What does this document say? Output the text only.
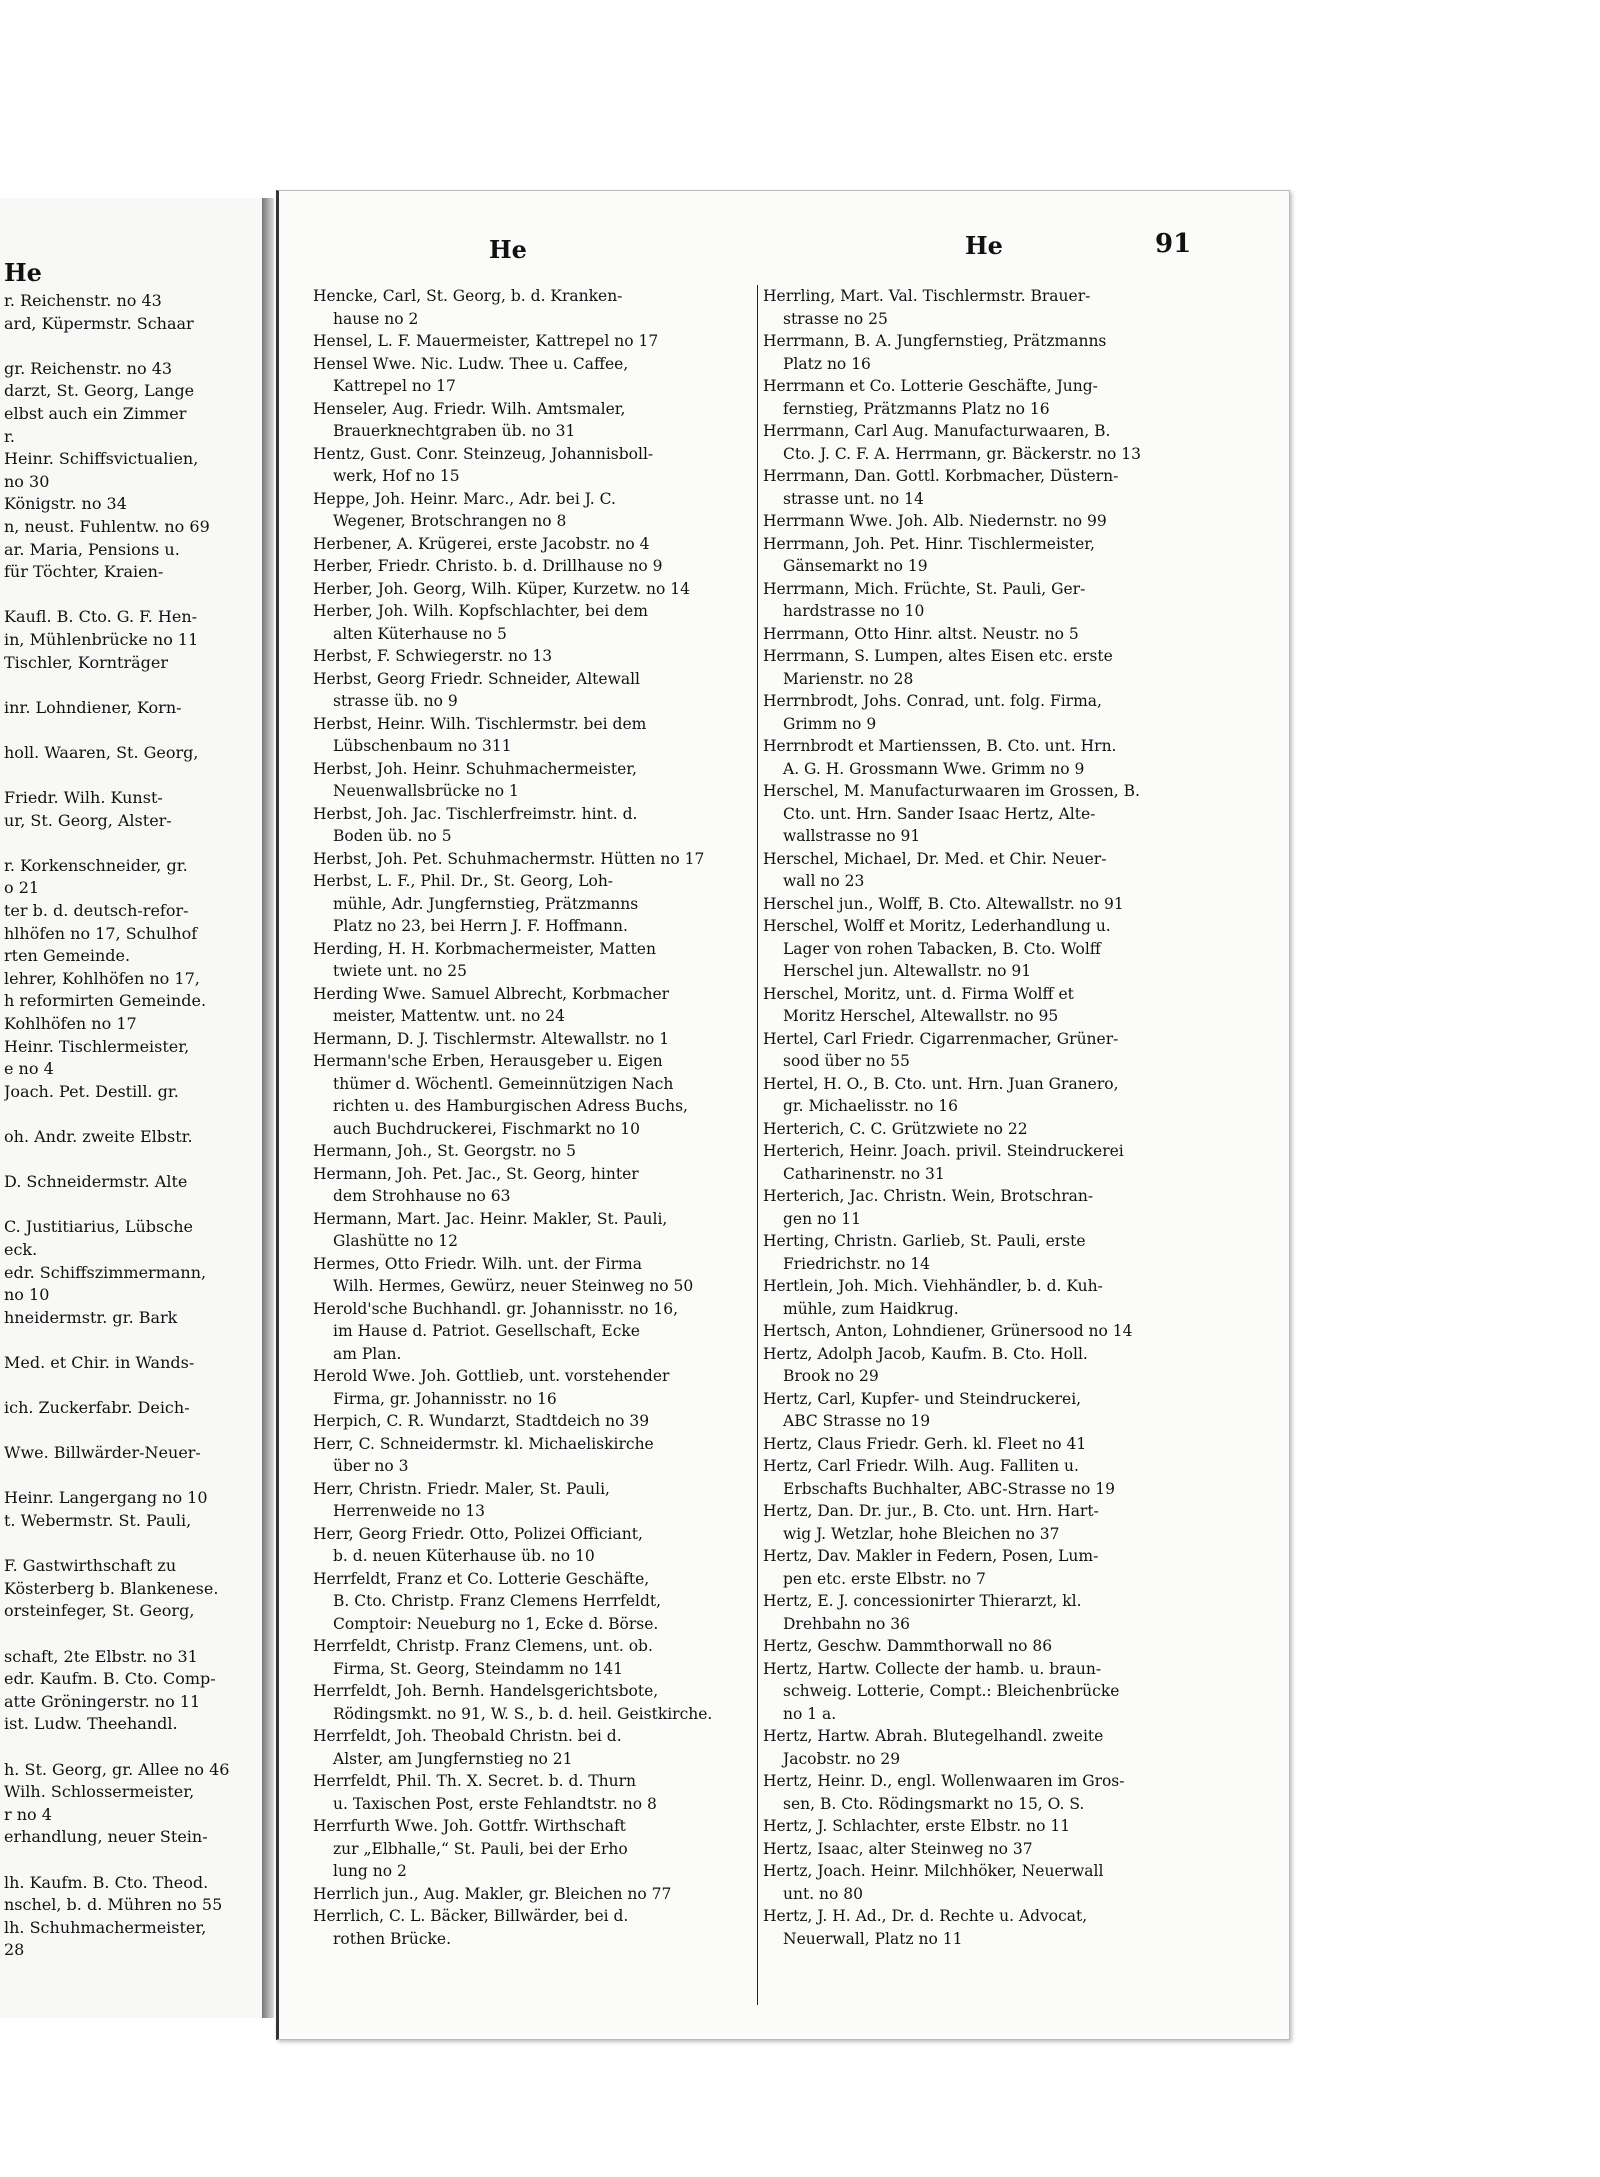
He
r. Reichenstr. no 43
ard, Küpermstr. Schaar

gr. Reichenstr. no 43
darzt, St. Georg, Lange
elbst auch ein Zimmer
r.
Heinr. Schiffsvictualien,
no 30
Königstr. no 34
n, neust. Fuhlentw. no 69
ar. Maria, Pensions u.
für Töchter, Kraien-

Kaufl. B. Cto. G. F. Hen-
in, Mühlenbrücke no 11
Tischler, Kornträger

inr. Lohndiener, Korn-

holl. Waaren, St. Georg,

Friedr. Wilh. Kunst-
ur, St. Georg, Alster-

r. Korkenschneider, gr.
o 21
ter b. d. deutsch-refor-
hlhöfen no 17, Schulhof
rten Gemeinde.
lehrer, Kohlhöfen no 17,
h reformirten Gemeinde.
Kohlhöfen no 17
Heinr. Tischlermeister,
e no 4
Joach. Pet. Destill. gr.

oh. Andr. zweite Elbstr.

D. Schneidermstr. Alte

C. Justitiarius, Lübsche
eck.
edr. Schiffszimmermann,
no 10
hneidermstr. gr. Bark

Med. et Chir. in Wands-

ich. Zuckerfabr. Deich-

Wwe. Billwärder-Neuer-

Heinr. Langergang no 10
t. Webermstr. St. Pauli,

F. Gastwirthschaft zu
Kösterberg b. Blankenese.
orsteinfeger, St. Georg,

schaft, 2te Elbstr. no 31
edr. Kaufm. B. Cto. Comp-
atte Gröningerstr. no 11
ist. Ludw. Theehandl.

h. St. Georg, gr. Allee no 46
Wilh. Schlossermeister,
r no 4
erhandlung, neuer Stein-

lh. Kaufm. B. Cto. Theod.
nschel, b. d. Mühren no 55
lh. Schuhmachermeister,
28
He	He	91
Hencke, Carl, St. Georg, b. d. Kranken-

hause no 2
Hensel, L. F. Mauermeister, Kattrepel no 17
Hensel Wwe. Nic. Ludw. Thee u. Caffee,

Kattrepel no 17
Henseler, Aug. Friedr. Wilh. Amtsmaler,

Brauerknechtgraben üb. no 31
Hentz, Gust. Conr. Steinzeug, Johannisboll-

werk, Hof no 15
Heppe, Joh. Heinr. Marc., Adr. bei J. C.

Wegener, Brotschrangen no 8
Herbener, A. Krügerei, erste Jacobstr. no 4
Herber, Friedr. Christo. b. d. Drillhause no 9
Herber, Joh. Georg, Wilh. Küper, Kurzetw. no 14
Herber, Joh. Wilh. Kopfschlachter, bei dem

alten Küterhause no 5
Herbst, F. Schwiegerstr. no 13
Herbst, Georg Friedr. Schneider, Altewall

strasse üb. no 9
Herbst, Heinr. Wilh. Tischlermstr. bei dem

Lübschenbaum no 311
Herbst, Joh. Heinr. Schuhmachermeister,

Neuenwallsbrücke no 1
Herbst, Joh. Jac. Tischlerfreimstr. hint. d.

Boden üb. no 5
Herbst, Joh. Pet. Schuhmachermstr. Hütten no 17
Herbst, L. F., Phil. Dr., St. Georg, Loh-

mühle, Adr. Jungfernstieg, Prätzmanns
Platz no 23, bei Herrn J. F. Hoffmann.
Herding, H. H. Korbmachermeister, Matten

twiete unt. no 25
Herding Wwe. Samuel Albrecht, Korbmacher

meister, Mattentw. unt. no 24
Hermann, D. J. Tischlermstr. Altewallstr. no 1
Hermann'sche Erben, Herausgeber u. Eigen

thümer d. Wöchentl. Gemeinnützigen Nach
richten u. des Hamburgischen Adress Buchs,
auch Buchdruckerei, Fischmarkt no 10
Hermann, Joh., St. Georgstr. no 5
Hermann, Joh. Pet. Jac., St. Georg, hinter

dem Strohhause no 63
Hermann, Mart. Jac. Heinr. Makler, St. Pauli,

Glashütte no 12
Hermes, Otto Friedr. Wilh. unt. der Firma

Wilh. Hermes, Gewürz, neuer Steinweg no 50
Herold'sche Buchhandl. gr. Johannisstr. no 16,

im Hause d. Patriot. Gesellschaft, Ecke
am Plan.
Herold Wwe. Joh. Gottlieb, unt. vorstehender

Firma, gr. Johannisstr. no 16
Herpich, C. R. Wundarzt, Stadtdeich no 39
Herr, C. Schneidermstr. kl. Michaeliskirche

über no 3
Herr, Christn. Friedr. Maler, St. Pauli,

Herrenweide no 13
Herr, Georg Friedr. Otto, Polizei Officiant,

b. d. neuen Küterhause üb. no 10
Herrfeldt, Franz et Co. Lotterie Geschäfte,

B. Cto. Christp. Franz Clemens Herrfeldt,
Comptoir: Neueburg no 1, Ecke d. Börse.
Herrfeldt, Christp. Franz Clemens, unt. ob.

Firma, St. Georg, Steindamm no 141
Herrfeldt, Joh. Bernh. Handelsgerichtsbote,

Rödingsmkt. no 91, W. S., b. d. heil. Geistkirche.
Herrfeldt, Joh. Theobald Christn. bei d.

Alster, am Jungfernstieg no 21
Herrfeldt, Phil. Th. X. Secret. b. d. Thurn

u. Taxischen Post, erste Fehlandtstr. no 8
Herrfurth Wwe. Joh. Gottfr. Wirthschaft

zur „Elbhalle,“ St. Pauli, bei der Erho
lung no 2
Herrlich jun., Aug. Makler, gr. Bleichen no 77
Herrlich, C. L. Bäcker, Billwärder, bei d.

rothen Brücke.
Herrling, Mart. Val. Tischlermstr. Brauer-

strasse no 25
Herrmann, B. A. Jungfernstieg, Prätzmanns

Platz no 16
Herrmann et Co. Lotterie Geschäfte, Jung-

fernstieg, Prätzmanns Platz no 16
Herrmann, Carl Aug. Manufacturwaaren, B.

Cto. J. C. F. A. Herrmann, gr. Bäckerstr. no 13
Herrmann, Dan. Gottl. Korbmacher, Düstern-

strasse unt. no 14
Herrmann Wwe. Joh. Alb. Niedernstr. no 99
Herrmann, Joh. Pet. Hinr. Tischlermeister,

Gänsemarkt no 19
Herrmann, Mich. Früchte, St. Pauli, Ger-

hardstrasse no 10
Herrmann, Otto Hinr. altst. Neustr. no 5
Herrmann, S. Lumpen, altes Eisen etc. erste

Marienstr. no 28
Herrnbrodt, Johs. Conrad, unt. folg. Firma,

Grimm no 9
Herrnbrodt et Martienssen, B. Cto. unt. Hrn.

A. G. H. Grossmann Wwe. Grimm no 9
Herschel, M. Manufacturwaaren im Grossen, B.

Cto. unt. Hrn. Sander Isaac Hertz, Alte-
wallstrasse no 91
Herschel, Michael, Dr. Med. et Chir. Neuer-

wall no 23
Herschel jun., Wolff, B. Cto. Altewallstr. no 91
Herschel, Wolff et Moritz, Lederhandlung u.

Lager von rohen Tabacken, B. Cto. Wolff
Herschel jun. Altewallstr. no 91
Herschel, Moritz, unt. d. Firma Wolff et

Moritz Herschel, Altewallstr. no 95
Hertel, Carl Friedr. Cigarrenmacher, Grüner-

sood über no 55
Hertel, H. O., B. Cto. unt. Hrn. Juan Granero,

gr. Michaelisstr. no 16
Herterich, C. C. Grützwiete no 22
Herterich, Heinr. Joach. privil. Steindruckerei

Catharinenstr. no 31
Herterich, Jac. Christn. Wein, Brotschran-

gen no 11
Herting, Christn. Garlieb, St. Pauli, erste

Friedrichstr. no 14
Hertlein, Joh. Mich. Viehhändler, b. d. Kuh-

mühle, zum Haidkrug.
Hertsch, Anton, Lohndiener, Grünersood no 14
Hertz, Adolph Jacob, Kaufm. B. Cto. Holl.

Brook no 29
Hertz, Carl, Kupfer- und Steindruckerei,

ABC Strasse no 19
Hertz, Claus Friedr. Gerh. kl. Fleet no 41
Hertz, Carl Friedr. Wilh. Aug. Falliten u.

Erbschafts Buchhalter, ABC-Strasse no 19
Hertz, Dan. Dr. jur., B. Cto. unt. Hrn. Hart-

wig J. Wetzlar, hohe Bleichen no 37
Hertz, Dav. Makler in Federn, Posen, Lum-

pen etc. erste Elbstr. no 7
Hertz, E. J. concessionirter Thierarzt, kl.

Drehbahn no 36
Hertz, Geschw. Dammthorwall no 86
Hertz, Hartw. Collecte der hamb. u. braun-

schweig. Lotterie, Compt.: Bleichenbrücke
no 1 a.
Hertz, Hartw. Abrah. Blutegelhandl. zweite

Jacobstr. no 29
Hertz, Heinr. D., engl. Wollenwaaren im Gros-

sen, B. Cto. Rödingsmarkt no 15, O. S.
Hertz, J. Schlachter, erste Elbstr. no 11
Hertz, Isaac, alter Steinweg no 37
Hertz, Joach. Heinr. Milchhöker, Neuerwall

unt. no 80
Hertz, J. H. Ad., Dr. d. Rechte u. Advocat,

Neuerwall, Platz no 11
